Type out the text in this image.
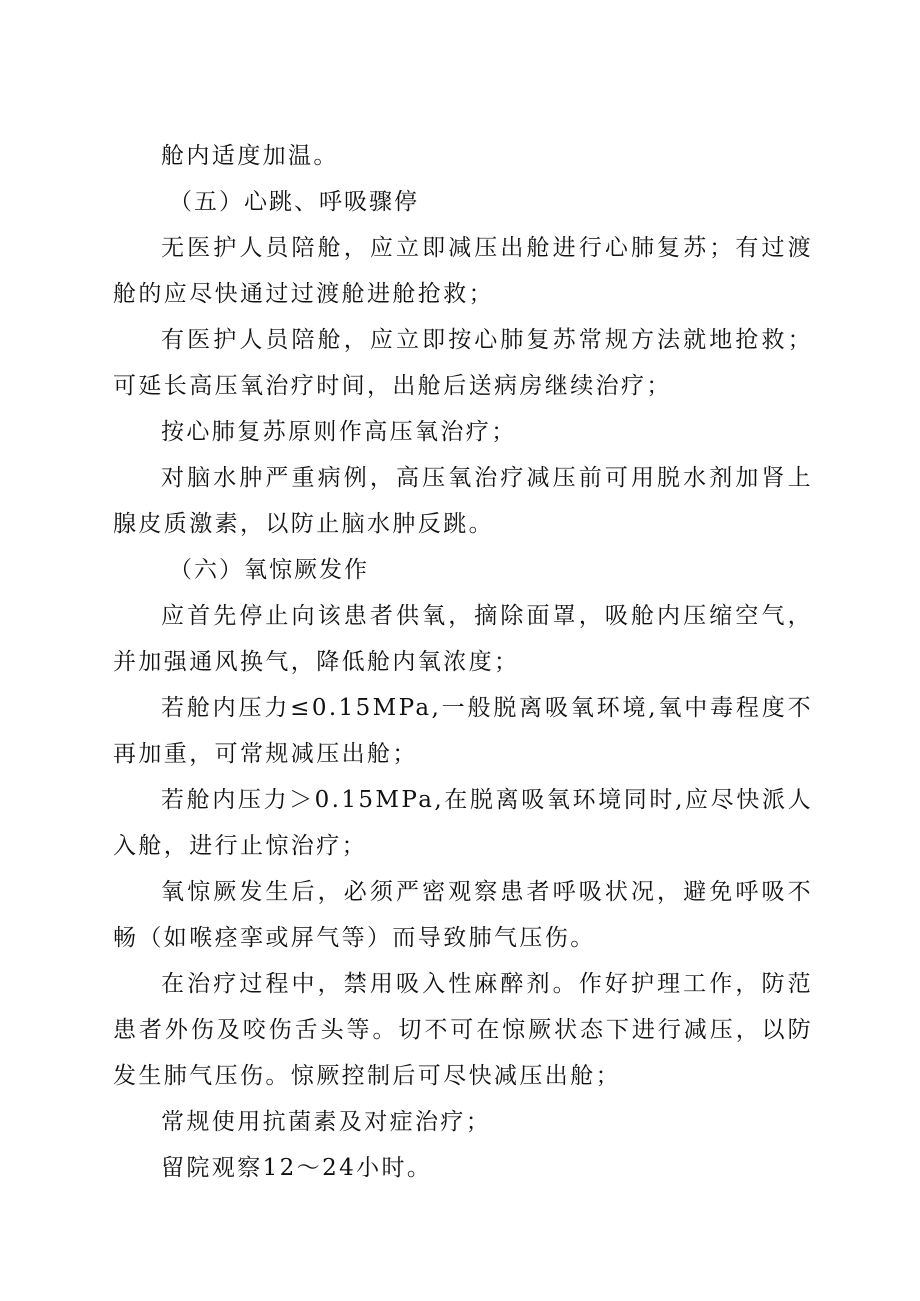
舱内适度加温。

（五）心跳、呼吸骤停

无医护人员陪舱，应立即减压出舱进行心肺复苏；有过渡舱的应尽快通过过渡舱进舱抢救；

有医护人员陪舱，应立即按心肺复苏常规方法就地抢救；可延长高压氧治疗时间，出舱后送病房继续治疗；

按心肺复苏原则作高压氧治疗；

对脑水肿严重病例，高压氧治疗减压前可用脱水剂加肾上腺皮质激素，以防止脑水肿反跳。

（六）氧惊厥发作

应首先停止向该患者供氧，摘除面罩，吸舱内压缩空气，并加强通风换气，降低舱内氧浓度；

若舱内压力≤0.15MPa,一般脱离吸氧环境,氧中毒程度不再加重，可常规减压出舱；

若舱内压力＞0.15MPa,在脱离吸氧环境同时,应尽快派人入舱，进行止惊治疗；

氧惊厥发生后，必须严密观察患者呼吸状况，避免呼吸不畅（如喉痉挛或屏气等）而导致肺气压伤。

在治疗过程中，禁用吸入性麻醉剂。作好护理工作，防范患者外伤及咬伤舌头等。切不可在惊厥状态下进行减压，以防发生肺气压伤。惊厥控制后可尽快减压出舱；

常规使用抗菌素及对症治疗；

留院观察12～24小时。
